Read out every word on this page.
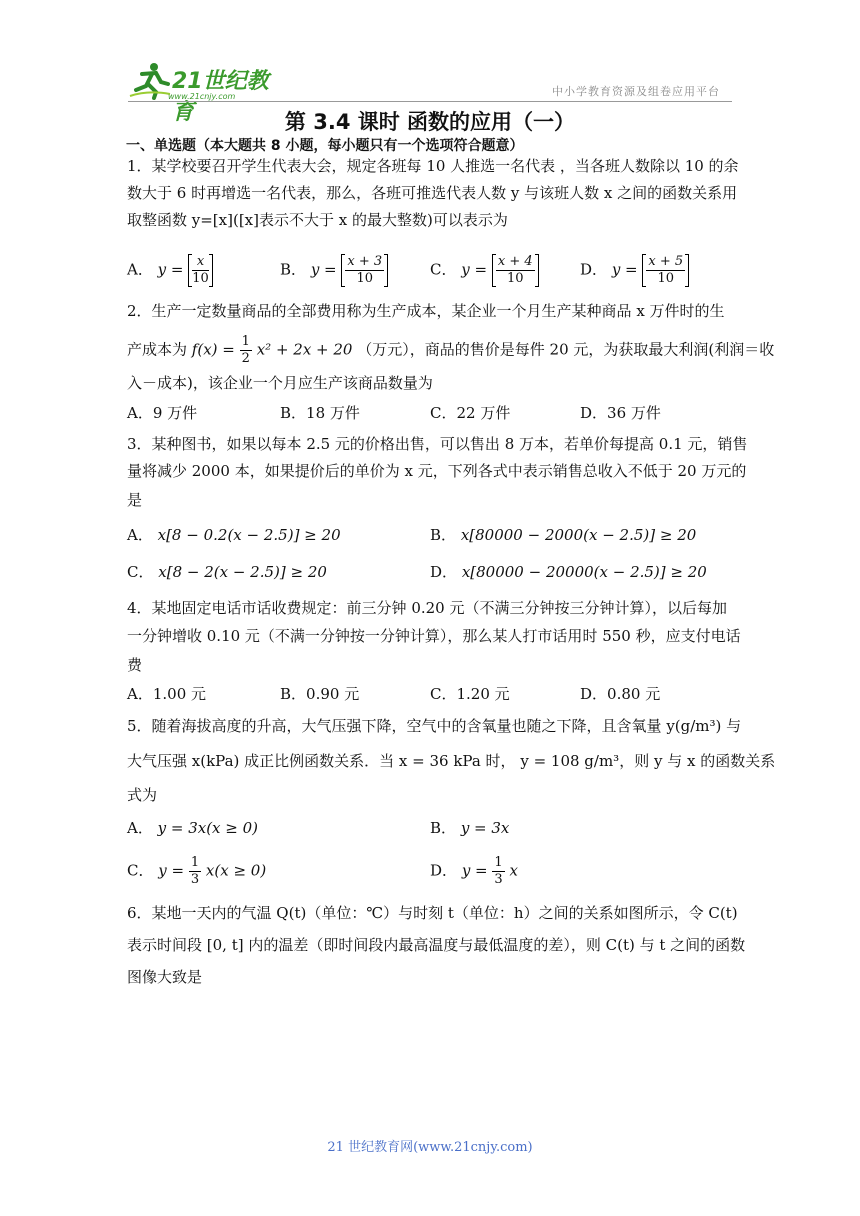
21世纪教育
www.21cnjy.com	中小学教育资源及组卷应用平台
第 3.4 课时 函数的应用（一）
一、单选题（本大题共 8 小题，每小题只有一个选项符合题意）
1．某学校要召开学生代表大会，规定各班每 10 人推选一名代表 ，当各班人数除以 10 的余
数大于 6 时再增选一名代表，那么，各班可推选代表人数 y 与该班人数 x 之间的函数关系用
取整函数 y=[x]([x]表示不大于 x 的最大整数)可以表示为
A． $y = \frac{x}{10}$	B． $y = \frac{x + 3}{10}$	C． $y = \frac{x + 4}{10}$	D． $y = \frac{x + 5}{10}$
2．生产一定数量商品的全部费用称为生产成本，某企业一个月生产某种商品 x 万件时的生
产成本为 $f(x) = \frac{1}{2} x^2 + 2x + 20$ （万元），商品的售价是每件 20 元，为获取最大利润(利润＝收
入－成本)，该企业一个月应生产该商品数量为
A．9 万件	B．18 万件	C．22 万件	D．36 万件
3．某种图书，如果以每本 2.5 元的价格出售，可以售出 8 万本，若单价每提高 0.1 元，销售
量将减少 2000 本，如果提价后的单价为 x 元，下列各式中表示销售总收入不低于 20 万元的
是
A． x[8 − 0.2(x − 2.5)] ≥ 20	B． x[80000 − 2000(x − 2.5)] ≥ 20
C． x[8 − 2(x − 2.5)] ≥ 20	D． x[80000 − 20000(x − 2.5)] ≥ 20
4．某地固定电话市话收费规定：前三分钟 0.20 元（不满三分钟按三分钟计算），以后每加
一分钟增收 0.10 元（不满一分钟按一分钟计算），那么某人打市话用时 550 秒，应支付电话
费
A．1.00 元	B．0.90 元	C．1.20 元	D．0.80 元
5．随着海拔高度的升高，大气压强下降，空气中的含氧量也随之下降，且含氧量 y(g/m³) 与
大气压强 x(kPa) 成正比例函数关系．当 x = 36 kPa 时， y = 108 g/m³，则 y 与 x 的函数关系
式为
A． y = 3x(x ≥ 0)	B． y = 3x
C． $y = \frac{1}{3} x(x \ge 0)$	D． $y = \frac{1}{3}$ x
6．某地一天内的气温 Q(t)（单位：℃）与时刻 t（单位：h）之间的关系如图所示，令 C(t)
表示时间段 [0, t] 内的温差（即时间段内最高温度与最低温度的差），则 C(t) 与 t 之间的函数
图像大致是
21 世纪教育网(www.21cnjy.com)
